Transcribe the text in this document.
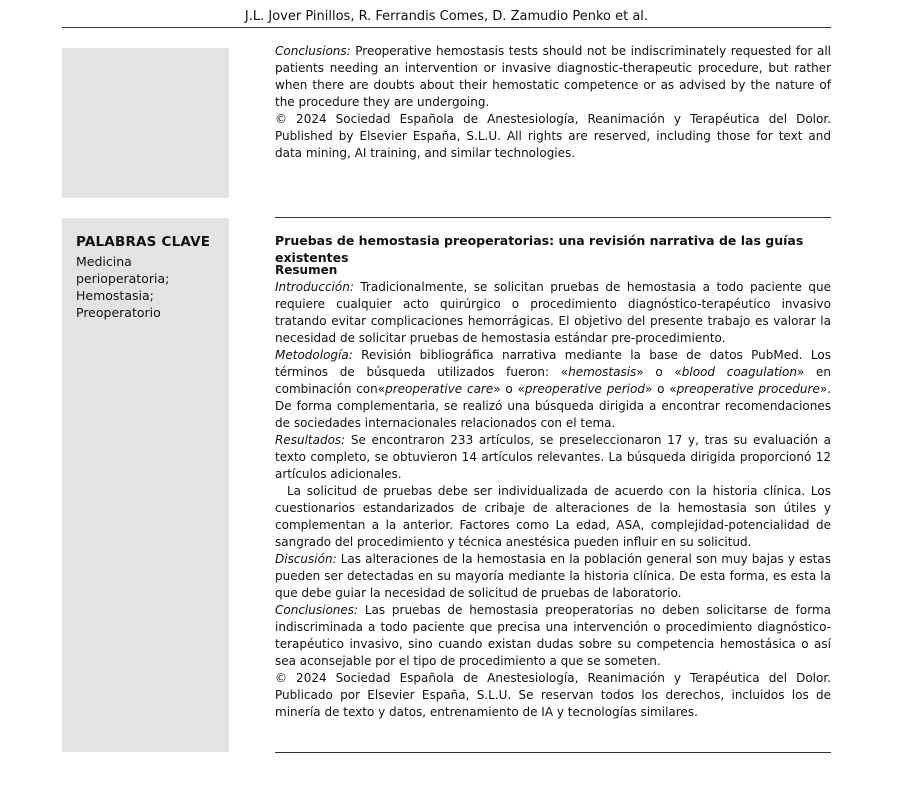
J.L. Jover Pinillos, R. Ferrandis Comes, D. Zamudio Penko et al.

Conclusions: Preoperative hemostasis tests should not be indiscriminately requested for all patients needing an intervention or invasive diagnostic-therapeutic procedure, but rather when there are doubts about their hemostatic competence or as advised by the nature of the procedure they are undergoing.

© 2024 Sociedad Española de Anestesiología, Reanimación y Terapéutica del Dolor. Published by Elsevier España, S.L.U. All rights are reserved, including those for text and data mining, AI training, and similar technologies.

PALABRAS CLAVE
Medicina perioperatoria;
Hemostasia;
Preoperatorio
Pruebas de hemostasia preoperatorias: una revisión narrativa de las guías existentes

Resumen

Introducción: Tradicionalmente, se solicitan pruebas de hemostasia a todo paciente que requiere cualquier acto quirúrgico o procedimiento diagnóstico-terapéutico invasivo tratando evitar complicaciones hemorrágicas. El objetivo del presente trabajo es valorar la necesidad de solicitar pruebas de hemostasia estándar pre-procedimiento.

Metodología: Revisión bibliográfica narrativa mediante la base de datos PubMed. Los términos de búsqueda utilizados fueron: «hemostasis» o «blood coagulation» en combinación con«preoperative care» o «preoperative period» o «preoperative procedure». De forma complementaria, se realizó una búsqueda dirigida a encontrar recomendaciones de sociedades internacionales relacionados con el tema.

Resultados: Se encontraron 233 artículos, se preseleccionaron 17 y, tras su evaluación a texto completo, se obtuvieron 14 artículos relevantes. La búsqueda dirigida proporcionó 12 artículos adicionales.

La solicitud de pruebas debe ser individualizada de acuerdo con la historia clínica. Los cuestionarios estandarizados de cribaje de alteraciones de la hemostasia son útiles y complementan a la anterior. Factores como La edad, ASA, complejidad-potencialidad de sangrado del procedimiento y técnica anestésica pueden influir en su solicitud.

Discusión: Las alteraciones de la hemostasia en la población general son muy bajas y estas pueden ser detectadas en su mayoría mediante la historia clínica. De esta forma, es esta la que debe guiar la necesidad de solicitud de pruebas de laboratorio.

Conclusiones: Las pruebas de hemostasia preoperatorias no deben solicitarse de forma indiscriminada a todo paciente que precisa una intervención o procedimiento diagnóstico-terapéutico invasivo, sino cuando existan dudas sobre su competencia hemostásica o así sea aconsejable por el tipo de procedimiento a que se someten.

© 2024 Sociedad Española de Anestesiología, Reanimación y Terapéutica del Dolor. Publicado por Elsevier España, S.L.U. Se reservan todos los derechos, incluidos los de minería de texto y datos, entrenamiento de IA y tecnologías similares.
